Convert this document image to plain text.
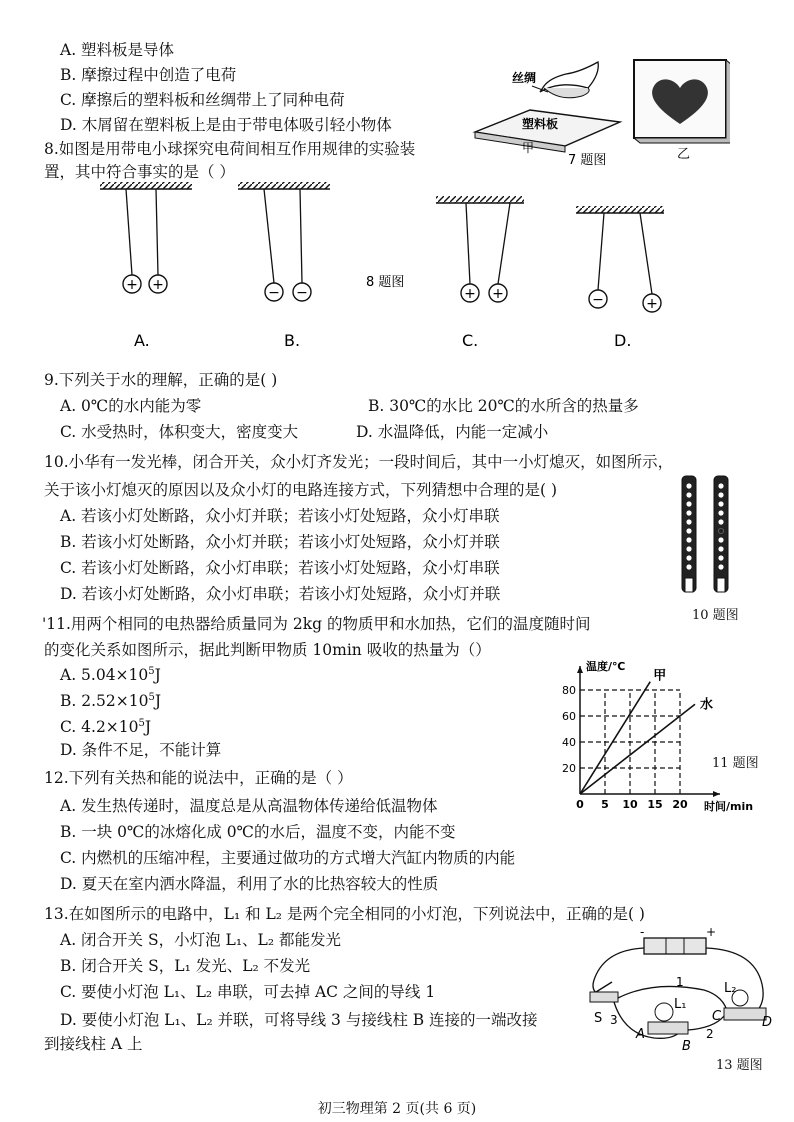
A. 塑料板是导体
B. 摩擦过程中创造了电荷
C. 摩擦后的塑料板和丝绸带上了同种电荷
D. 木屑留在塑料板上是由于带电体吸引轻小物体
丝绸
塑料板
甲
7 题图	乙
8.如图是用带电小球探究电荷间相互作用规律的实验装
置，其中符合事实的是（ ）
+ +
A.
− −
B.
+ +
C.
−	+
D.
8 题图
9.下列关于水的理解，正确的是( )
A. 0℃的水内能为零	B. 30℃的水比 20℃的水所含的热量多
C. 水受热时，体积变大，密度变大	D. 水温降低，内能一定减小
10.小华有一发光棒，闭合开关，众小灯齐发光；一段时间后，其中一小灯熄灭，如图所示，
关于该小灯熄灭的原因以及众小灯的电路连接方式，下列猜想中合理的是( )
A. 若该小灯处断路，众小灯并联；若该小灯处短路，众小灯串联
B. 若该小灯处断路，众小灯并联；若该小灯处短路，众小灯并联
C. 若该小灯处断路，众小灯串联；若该小灯处短路，众小灯串联
D. 若该小灯处断路，众小灯串联；若该小灯处短路，众小灯并联
10 题图
'11.用两个相同的电热器给质量同为 2kg 的物质甲和水加热，它们的温度随时间
的变化关系如图所示，据此判断甲物质 10min 吸收的热量为（）
A. $5.04\times 10^5J$
B. $2.52\times 10^5J$
C. $4.2\times 10^5J$
D. 条件不足，不能计算
甲
水
20
40
60
80
0 5 10 15 20
温度/℃
时间/min
11 题图
12.下列有关热和能的说法中，正确的是（ ）
A. 发生热传递时，温度总是从高温物体传递给低温物体
B. 一块 0℃的冰熔化成 0℃的水后，温度不变，内能不变
C. 内燃机的压缩冲程，主要通过做功的方式增大汽缸内物质的内能
D. 夏天在室内洒水降温，利用了水的比热容较大的性质
13.在如图所示的电路中，L₁ 和 L₂ 是两个完全相同的小灯泡，下列说法中，正确的是( )
A. 闭合开关 S，小灯泡 L₁、L₂ 都能发光
B. 闭合开关 S，L₁ 发光、L₂ 不发光
C. 要使小灯泡 L₁、L₂ 串联，可去掉 AC 之间的导线 1
D. 要使小灯泡 L₁、L₂ 并联，可将导线 3 与接线柱 B 连接的一端改接
到接线柱 A 上
-	+
S 3
1
L₁
L₂
2
A
B
C	D
13 题图
初三物理第 2 页(共 6 页)
